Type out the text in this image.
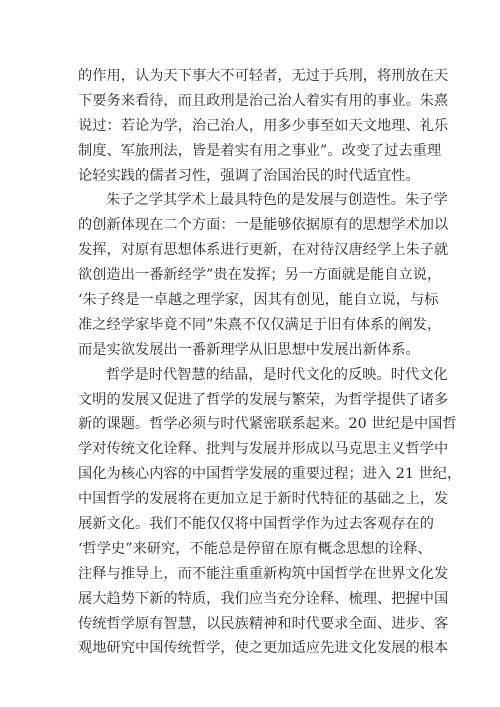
的作用，认为天下事大不可轻者，无过于兵刑，将刑放在天
下要务来看待，而且政刑是治己治人着实有用的事业。朱熹
说过：若论为学，治己治人，用多少事至如天文地理、礼乐
制度、军旅刑法，皆是着实有用之事业”。改变了过去重理
论轻实践的儒者习性，强调了治国治民的时代适宜性。
朱子之学其学术上最具特色的是发展与创造性。朱子学
的创新体现在二个方面：一是能够依据原有的思想学术加以
发挥，对原有思想体系进行更新，在对待汉唐经学上朱子就
欲创造出一番新经学”贵在发挥；另一方面就是能自立说，
‘朱子终是一卓越之理学家，因其有创见，能自立说，与标
准之经学家毕竟不同”朱熹不仅仅满足于旧有体系的阐发，
而是实欲发展出一番新理学从旧思想中发展出新体系。
哲学是时代智慧的结晶，是时代文化的反映。时代文化
文明的发展又促进了哲学的发展与繁荣，为哲学提供了诸多
新的课题。哲学必须与时代紧密联系起来。20 世纪是中国哲
学对传统文化诠释、批判与发展并形成以马克思主义哲学中
国化为核心内容的中国哲学发展的重要过程；进入 21 世纪，
中国哲学的发展将在更加立足于新时代特征的基础之上，发
展新文化。我们不能仅仅将中国哲学作为过去客观存在的
‘哲学史”来研究，不能总是停留在原有概念思想的诠释、
注释与推导上，而不能注重重新构筑中国哲学在世界文化发
展大趋势下新的特质，我们应当充分诠释、梳理、把握中国
传统哲学原有智慧，以民族精神和时代要求全面、进步、客
观地研究中国传统哲学，使之更加适应先进文化发展的根本
